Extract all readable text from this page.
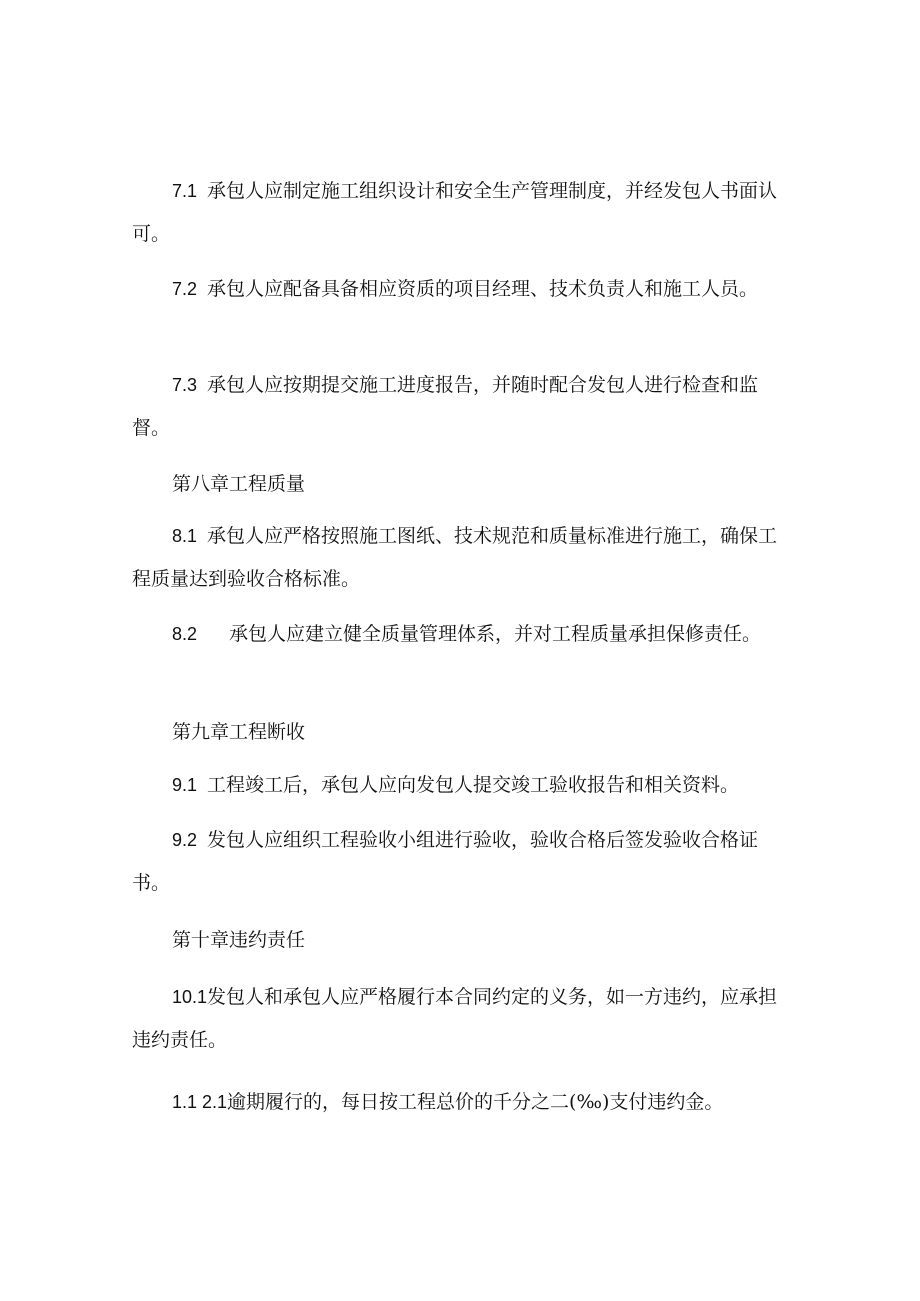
7.1 承包人应制定施工组织设计和安全生产管理制度，并经发包人书面认可。

7.2 承包人应配备具备相应资质的项目经理、技术负责人和施工人员。

7.3 承包人应按期提交施工进度报告，并随时配合发包人进行检查和监督。

第八章工程质量

8.1 承包人应严格按照施工图纸、技术规范和质量标准进行施工，确保工程质量达到验收合格标准。

8.2 承包人应建立健全质量管理体系，并对工程质量承担保修责任。

第九章工程断收

9.1 工程竣工后，承包人应向发包人提交竣工验收报告和相关资料。

9.2 发包人应组织工程验收小组进行验收，验收合格后签发验收合格证书。

第十章违约责任

10.1发包人和承包人应严格履行本合同约定的义务，如一方违约，应承担违约责任。

1.1 2.1逾期履行的，每日按工程总价的千分之二(‰)支付违约金。
